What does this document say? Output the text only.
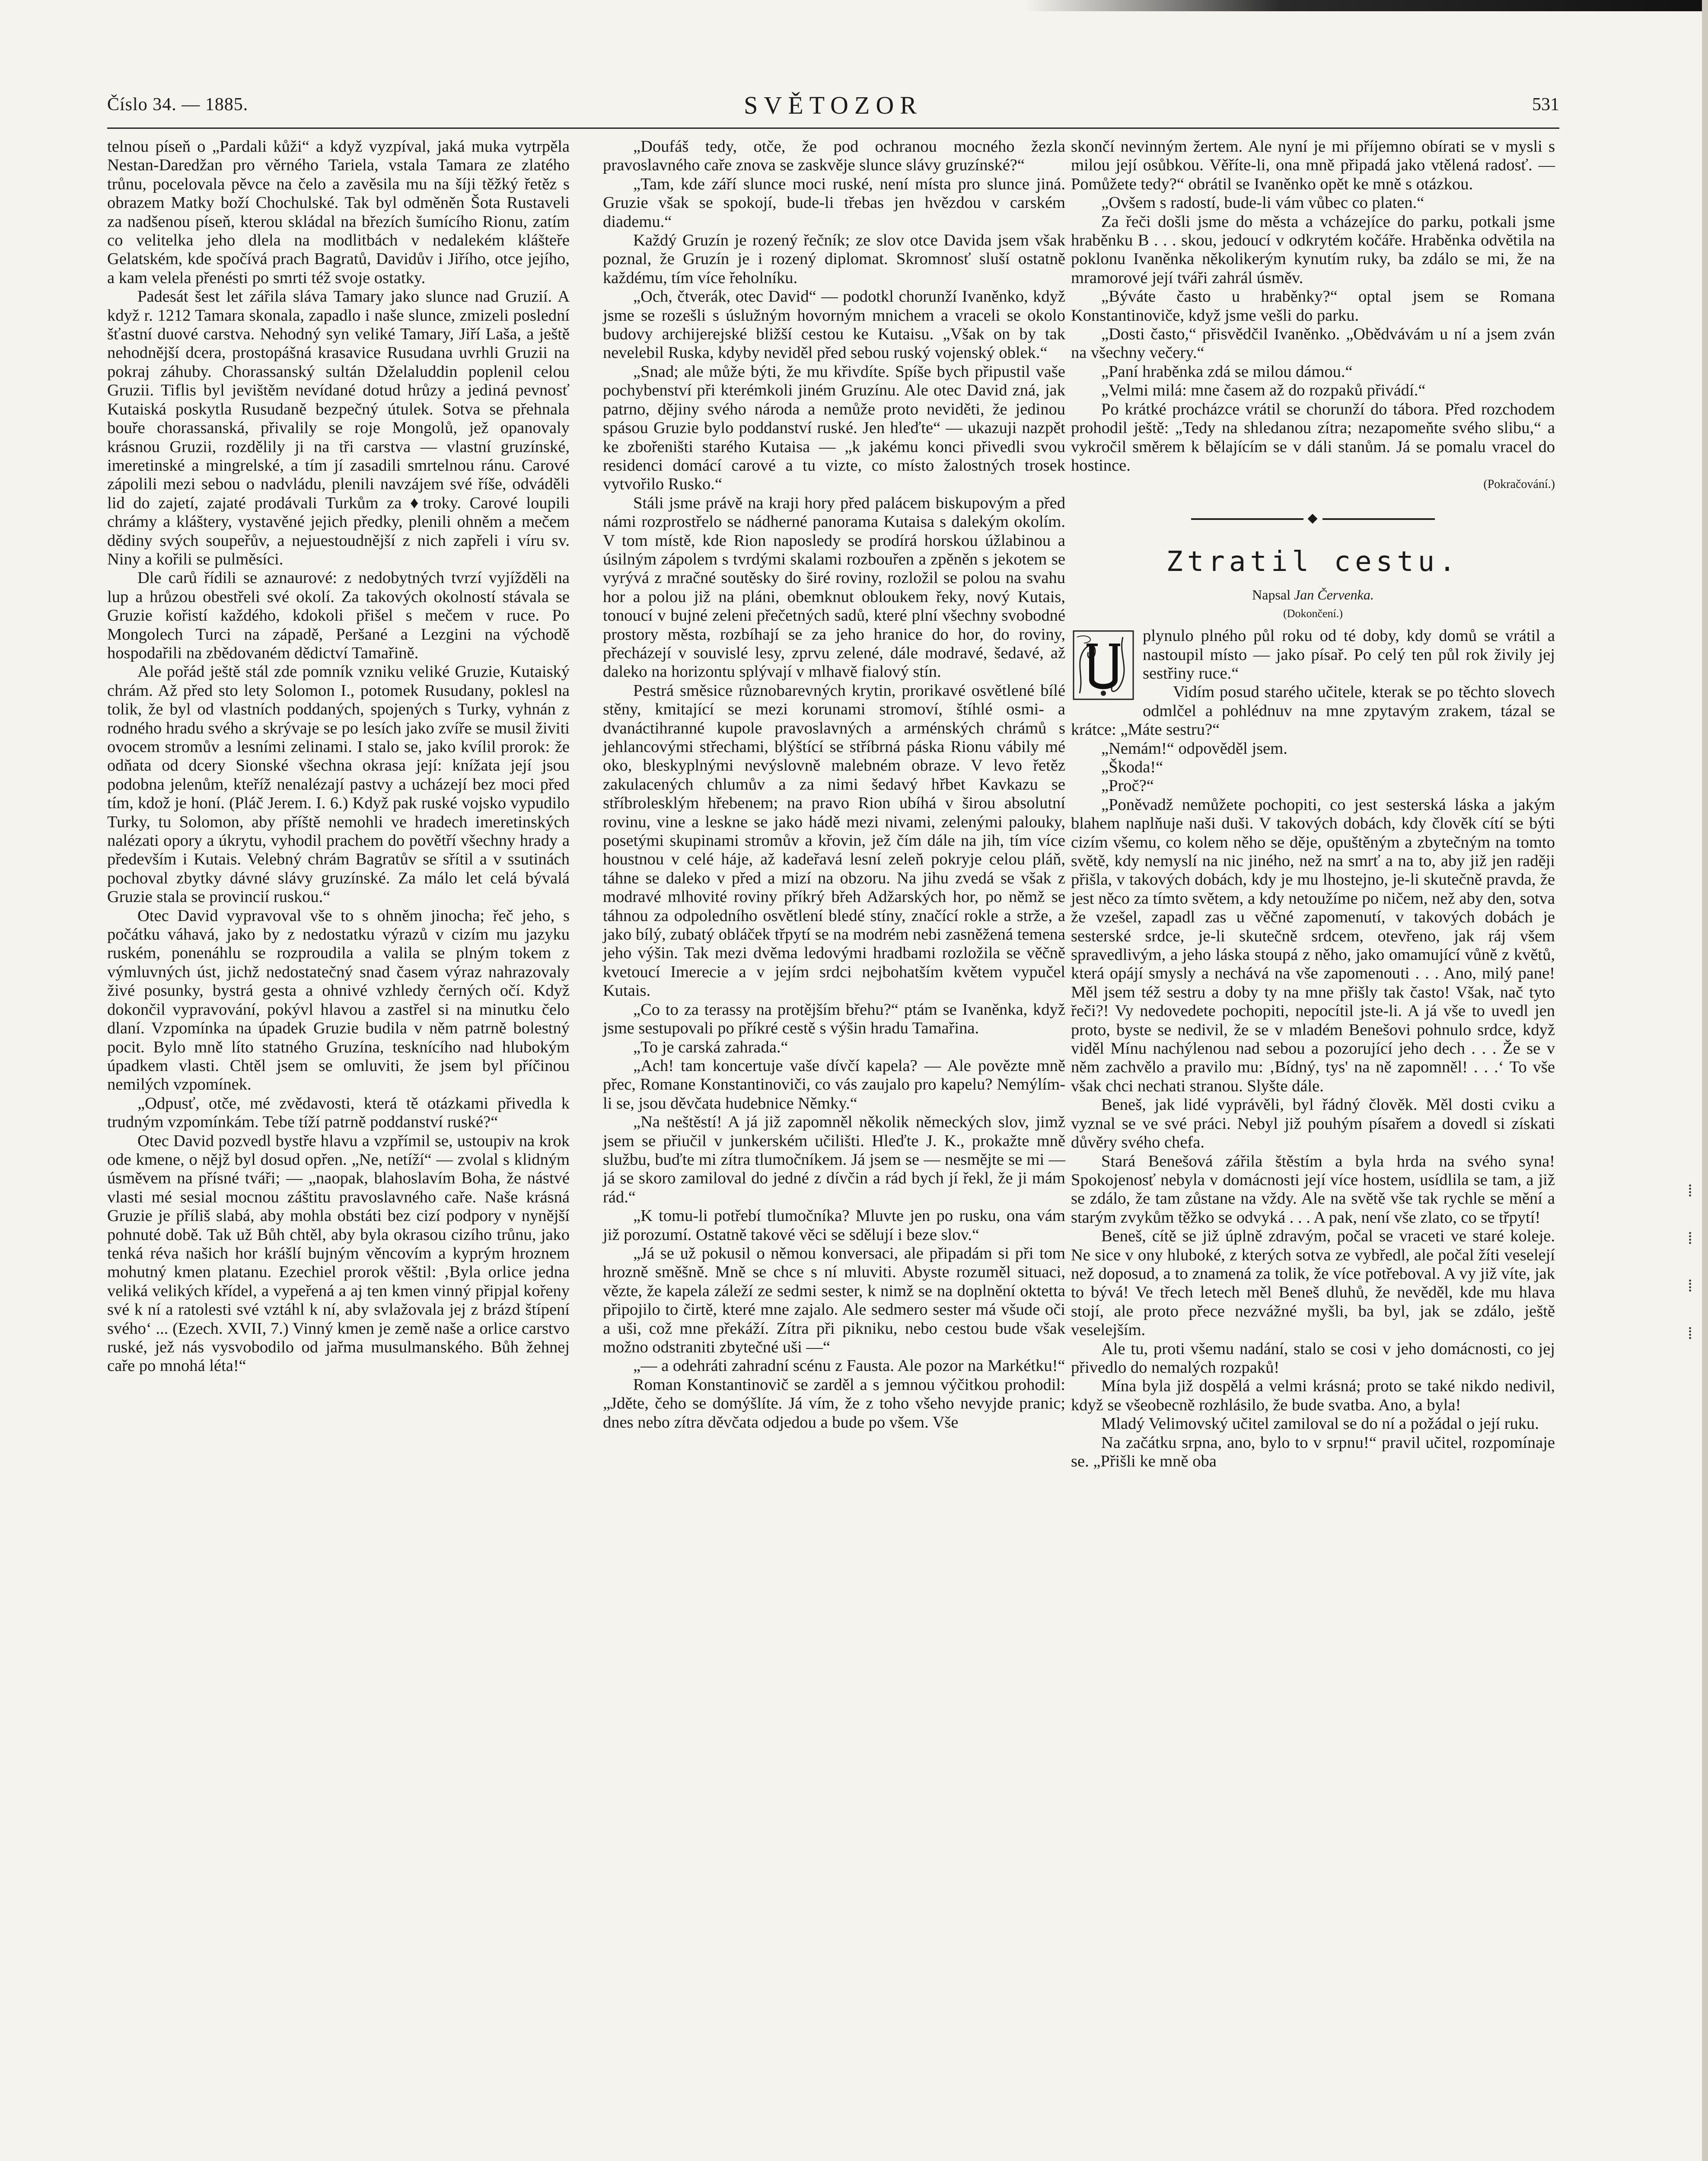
Číslo 34. — 1885.	SVĚTOZOR	531

telnou píseň o „Pardali kůži“ a když vyzpíval, jaká muka vytrpěla Nestan-Daredžan pro věrného Tariela, vstala Tamara ze zlatého trůnu, pocelovala pěvce na čelo a zavěsila mu na šíji těžký řetěz s obrazem Matky boží Chochulské. Tak byl odměněn Šota Rustaveli za nadšenou píseň, kterou skládal na březích šumícího Rionu, zatím co velitelka jeho dlela na modlitbách v nedalekém klášteře Gelatském, kde spočívá prach Bagratů, Davidův i Jiřího, otce jejího, a kam velela přenésti po smrti též svoje ostatky.

Padesát šest let zářila sláva Tamary jako slunce nad Gruzií. A když r. 1212 Tamara skonala, zapadlo i naše slunce, zmizeli poslední šťastní duové carstva. Nehodný syn veliké Tamary, Jiří Laša, a ještě nehodnější dcera, prostopášná krasavice Rusudana uvrhli Gruzii na pokraj záhuby. Chorassanský sultán Dželaluddin poplenil celou Gruzii. Tiflis byl jevištěm nevídané dotud hrůzy a jediná pevnosť Kutaiská poskytla Rusudaně bezpečný útulek. Sotva se přehnala bouře chorassanská, přivalily se roje Mongolů, jež opanovaly krásnou Gruzii, rozdělily ji na tři carstva — vlastní gruzínské, imeretinské a mingrelské, a tím jí zasadili smrtelnou ránu. Carové zápolili mezi sebou o nadvládu, plenili navzájem své říše, odváděli lid do zajetí, zajaté prodávali Turkům za ♦troky. Carové loupili chrámy a kláštery, vystavěné jejich předky, plenili ohněm a mečem dědiny svých soupeřův, a nejuestoudnější z nich zapřeli i víru sv. Niny a kořili se pulměsíci.

Dle carů řídili se aznaurové: z nedobytných tvrzí vyjížděli na lup a hrůzou obestřeli své okolí. Za takových okolností stávala se Gruzie kořistí každého, kdokoli přišel s mečem v ruce. Po Mongolech Turci na západě, Peršané a Lezgini na východě hospodařili na zbědovaném dědictví Tamařině.

Ale pořád ještě stál zde pomník vzniku veliké Gruzie, Kutaiský chrám. Až před sto lety Solomon I., potomek Rusudany, poklesl na tolik, že byl od vlastních poddaných, spojených s Turky, vyhnán z rodného hradu svého a skrývaje se po lesích jako zvíře se musil živiti ovocem stromův a lesními zelinami. I stalo se, jako kvílil prorok: že odňata od dcery Sionské všechna okrasa její: knížata její jsou podobna jelenům, kteříž nenalézají pastvy a ucházejí bez moci před tím, kdož je honí. (Pláč Jerem. I. 6.) Když pak ruské vojsko vypudilo Turky, tu Solomon, aby příště nemohli ve hradech imeretinských nalézati opory a úkrytu, vyhodil prachem do povětří všechny hrady a především i Kutais. Velebný chrám Bagratův se sřítil a v ssutinách pochoval zbytky dávné slávy gruzínské. Za málo let celá bývalá Gruzie stala se provincií ruskou.“

Otec David vypravoval vše to s ohněm jinocha; řeč jeho, s počátku váhavá, jako by z nedostatku výrazů v cizím mu jazyku ruském, ponenáhlu se rozproudila a valila se plným tokem z výmluvných úst, jichž nedostatečný snad časem výraz nahrazovaly živé posunky, bystrá gesta a ohnivé vzhledy černých očí. Když dokončil vypravování, pokývl hlavou a zastřel si na minutku čelo dlaní. Vzpomínka na úpadek Gruzie budila v něm patrně bolestný pocit. Bylo mně líto statného Gruzína, tesknícího nad hlubokým úpadkem vlasti. Chtěl jsem se omluviti, že jsem byl příčinou nemilých vzpomínek.

„Odpusť, otče, mé zvědavosti, která tě otázkami přivedla k trudným vzpomínkám. Tebe tíží patrně poddanství ruské?“

Otec David pozvedl bystře hlavu a vzpřímil se, ustoupiv na krok ode kmene, o nějž byl dosud opřen. „Ne, netíží“ — zvolal s klidným úsměvem na přísné tváři; — „naopak, blahoslavím Boha, že nástvé vlasti mé sesial mocnou záštitu pravoslavného caře. Naše krásná Gruzie je příliš slabá, aby mohla obstáti bez cizí podpory v nynější pohnuté době. Tak už Bůh chtěl, aby byla okrasou cizího trůnu, jako tenká réva našich hor krášlí bujným věncovím a kyprým hroznem mohutný kmen platanu. Ezechiel prorok věštil: ‚Byla orlice jedna veliká velikých křídel, a vypeřená a aj ten kmen vinný připjal kořeny své k ní a ratolesti své vztáhl k ní, aby svlažovala jej z brázd štípení svého‘ ... (Ezech. XVII, 7.) Vinný kmen je země naše a orlice carstvo ruské, jež nás vysvobodilo od jařma musulmanského. Bůh žehnej caře po mnohá léta!“

„Doufáš tedy, otče, že pod ochranou mocného žezla pravoslavného caře znova se zaskvěje slunce slávy gruzínské?“

„Tam, kde září slunce moci ruské, není místa pro slunce jiná. Gruzie však se spokojí, bude-li třebas jen hvězdou v carském diademu.“

Každý Gruzín je rozený řečník; ze slov otce Davida jsem však poznal, že Gruzín je i rozený diplomat. Skromnosť sluší ostatně každému, tím více řeholníku.

„Och, čtverák, otec David“ — podotkl chorunží Ivaněnko, když jsme se rozešli s úslužným hovorným mnichem a vraceli se okolo budovy archijerejské bližší cestou ke Kutaisu. „Však on by tak nevelebil Ruska, kdyby neviděl před sebou ruský vojenský oblek.“

„Snad; ale může býti, že mu křivdíte. Spíše bych připustil vaše pochybenství při kterémkoli jiném Gruzínu. Ale otec David zná, jak patrno, dějiny svého národa a nemůže proto neviděti, že jedinou spásou Gruzie bylo poddanství ruské. Jen hleďte“ — ukazuji nazpět ke zbořeništi starého Kutaisa — „k jakému konci přivedli svou residenci domácí carové a tu vizte, co místo žalostných trosek vytvořilo Rusko.“

Stáli jsme právě na kraji hory před palácem biskupovým a před námi rozprostřelo se nádherné panorama Kutaisa s dalekým okolím. V tom místě, kde Rion naposledy se prodírá horskou úžlabinou a úsilným zápolem s tvrdými skalami rozbouřen a zpěněn s jekotem se vyrývá z mračné soutěsky do širé roviny, rozložil se polou na svahu hor a polou již na pláni, obemknut obloukem řeky, nový Kutais, tonoucí v bujné zeleni přečetných sadů, které plní všechny svobodné prostory města, rozbíhají se za jeho hranice do hor, do roviny, přecházejí v souvislé lesy, zprvu zelené, dále modravé, šedavé, až daleko na horizontu splývají v mlhavě fialový stín.

Pestrá směsice různobarevných krytin, prorikavé osvětlené bílé stěny, kmitající se mezi korunami stromoví, štíhlé osmi- a dvanáctihranné kupole pravoslavných a arménských chrámů s jehlancovými střechami, blýštící se stříbrná páska Rionu vábily mé oko, bleskyplnými nevýslovně malebném obraze. V levo řetěz zakulacených chlumův a za nimi šedavý hřbet Kavkazu se stříbrolesklým hřebenem; na pravo Rion ubíhá v širou absolutní rovinu, vine a leskne se jako hádě mezi nivami, zelenými palouky, posetými skupinami stromův a křovin, jež čím dále na jih, tím více houstnou v celé háje, až kadeřavá lesní zeleň pokryje celou pláň, táhne se daleko v před a mizí na obzoru. Na jihu zvedá se však z modravé mlhovité roviny příkrý břeh Adžarských hor, po němž se táhnou za odpoledního osvětlení bledé stíny, značící rokle a strže, a jako bílý, zubatý obláček třpytí se na modrém nebi zasněžená temena jeho výšin. Tak mezi dvěma ledovými hradbami rozložila se věčně kvetoucí Imerecie a v jejím srdci nejbohatším květem vypučel Kutais.

„Co to za terassy na protějším břehu?“ ptám se Ivaněnka, když jsme sestupovali po příkré cestě s výšin hradu Tamařina.

„To je carská zahrada.“

„Ach! tam koncertuje vaše dívčí kapela? — Ale povězte mně přec, Romane Konstantinoviči, co vás zaujalo pro kapelu? Nemýlím-li se, jsou děvčata hudebnice Němky.“

„Na neštěstí! A já již zapomněl několik německých slov, jimž jsem se přiučil v junkerském učilišti. Hleďte J. K., prokažte mně službu, buďte mi zítra tlumočníkem. Já jsem se — nesmějte se mi — já se skoro zamiloval do jedné z dívčin a rád bych jí řekl, že ji mám rád.“

„K tomu-li potřebí tlumočníka? Mluvte jen po rusku, ona vám již porozumí. Ostatně takové věci se sdělují i beze slov.“

„Já se už pokusil o němou konversaci, ale připadám si při tom hrozně směšně. Mně se chce s ní mluviti. Abyste rozuměl situaci, vězte, že kapela záleží ze sedmi sester, k nimž se na doplnění oktetta připojilo to čirtě, které mne zajalo. Ale sedmero sester má všude oči a uši, což mne překáží. Zítra při pikniku, nebo cestou bude však možno odstraniti zbytečné uši —“

„— a odehráti zahradní scénu z Fausta. Ale pozor na Markétku!“

Roman Konstantinovič se zarděl a s jemnou výčitkou prohodil: „Jděte, čeho se domýšlíte. Já vím, že z toho všeho nevyjde pranic; dnes nebo zítra děvčata odjedou a bude po všem. Vše

skončí nevinným žertem. Ale nyní je mi příjemno obírati se v mysli s milou její osůbkou. Věříte-li, ona mně připadá jako vtělená radosť. — Pomůžete tedy?“ obrátil se Ivaněnko opět ke mně s otázkou.

„Ovšem s radostí, bude-li vám vůbec co platen.“

Za řeči došli jsme do města a vcházejíce do parku, potkali jsme hraběnku B . . . skou, jedoucí v odkrytém kočáře. Hraběnka odvětila na poklonu Ivaněnka několikerým kynutím ruky, ba zdálo se mi, že na mramorové její tváři zahrál úsměv.

„Býváte často u hraběnky?“ optal jsem se Romana Konstantinoviče, když jsme vešli do parku.

„Dosti často,“ přisvědčil Ivaněnko. „Obědvávám u ní a jsem zván na všechny večery.“

„Paní hraběnka zdá se milou dámou.“

„Velmi milá: mne časem až do rozpaků přivádí.“

Po krátké procházce vrátil se chorunží do tábora. Před rozchodem prohodil ještě: „Tedy na shledanou zítra; nezapomeňte svého slibu,“ a vykročil směrem k bělajícím se v dáli stanům. Já se pomalu vracel do hostince.

(Pokračování.)
◆
Ztratil cestu.
Napsal Jan Červenka.
(Dokončení.)

plynulo plného půl roku od té doby, kdy domů se vrátil a nastoupil místo — jako písař. Po celý ten půl rok živily jej sestřiny ruce.“

Vidím posud starého učitele, kterak se po těchto slovech odmlčel a pohlédnuv na mne zpytavým zrakem, tázal se krátce: „Máte sestru?“

„Nemám!“ odpověděl jsem.

„Škoda!“

„Proč?“

„Poněvadž nemůžete pochopiti, co jest sesterská láska a jakým blahem naplňuje naši duši. V takových dobách, kdy člověk cítí se býti cizím všemu, co kolem něho se děje, opuštěným a zbytečným na tomto světě, kdy nemyslí na nic jiného, než na smrť a na to, aby již jen raději přišla, v takových dobách, kdy je mu lhostejno, je-li skutečně pravda, že jest něco za tímto světem, a kdy netoužíme po ničem, než aby den, sotva že vzešel, zapadl zas u věčné zapomenutí, v takových dobách je sesterské srdce, je-li skutečně srdcem, otevřeno, jak ráj všem spravedlivým, a jeho láska stoupá z něho, jako omamující vůně z květů, která opájí smysly a nechává na vše zapomenouti . . . Ano, milý pane! Měl jsem též sestru a doby ty na mne přišly tak často! Však, nač tyto řeči?! Vy nedovedete pochopiti, nepocítil jste-li. A já vše to uvedl jen proto, byste se nedivil, že se v mladém Benešovi pohnulo srdce, když viděl Mínu nachýlenou nad sebou a pozorující jeho dech . . . Že se v něm zachvělo a pravilo mu: ‚Bídný, tys' na ně zapomněl! . . .‘ To vše však chci nechati stranou. Slyšte dále.

Beneš, jak lidé vyprávěli, byl řádný člověk. Měl dosti cviku a vyznal se ve své práci. Nebyl již pouhým písařem a dovedl si získati důvěry svého chefa.

Stará Benešová zářila štěstím a byla hrda na svého syna! Spokojenosť nebyla v domácnosti její více hostem, usídlila se tam, a již se zdálo, že tam zůstane na vždy. Ale na světě vše tak rychle se mění a starým zvykům těžko se odvyká . . . A pak, není vše zlato, co se třpytí!

Beneš, cítě se již úplně zdravým, počal se vraceti ve staré koleje. Ne sice v ony hluboké, z kterých sotva ze vybředl, ale počal žíti veselejí než doposud, a to znamená za tolik, že více potřeboval. A vy již víte, jak to bývá! Ve třech letech měl Beneš dluhů, že nevěděl, kde mu hlava stojí, ale proto přece nezvážné myšli, ba byl, jak se zdálo, ještě veselejším.

Ale tu, proti všemu nadání, stalo se cosi v jeho domácnosti, co jej přivedlo do nemalých rozpaků!

Mína byla již dospělá a velmi krásná; proto se také nikdo nedivil, když se všeobecně rozhlásilo, že bude svatba. Ano, a byla!

Mladý Velimovský učitel zamiloval se do ní a požádal o její ruku.

Na začátku srpna, ano, bylo to v srpnu!“ pravil učitel, rozpomínaje se. „Přišli ke mně oba

⁞
⁞
⁞
⁞
